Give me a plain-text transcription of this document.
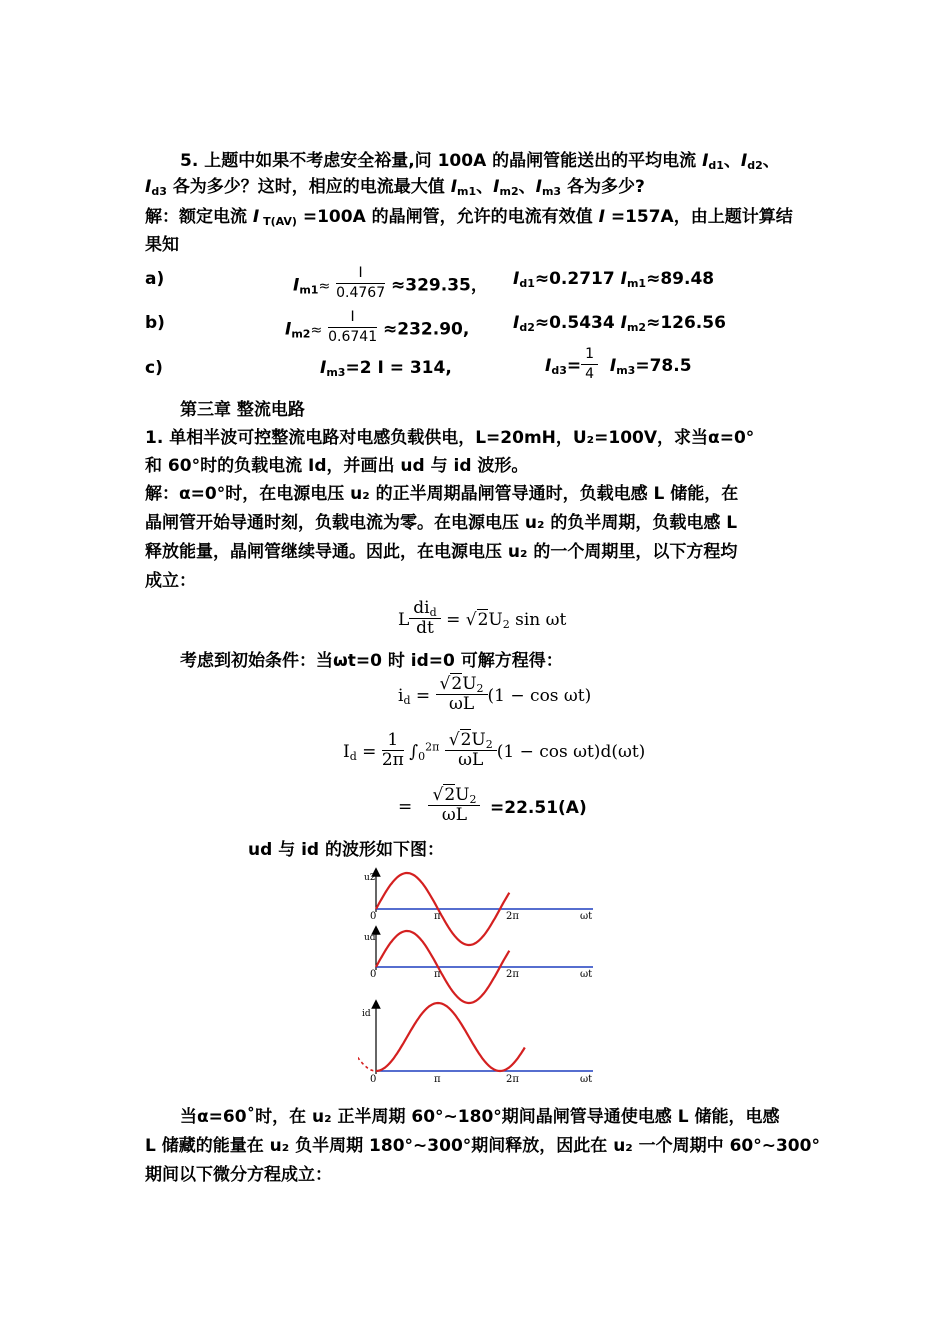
5. 上题中如果不考虑安全裕量,问 100A 的晶闸管能送出的平均电流 $I_{d1}$、$I_{d2}$、
$I_{d3}$ 各为多少？这时，相应的电流最大值 $I_{m1}$、$I_{m2}$、$I_{m3}$ 各为多少?
解：额定电流 I $_{T(AV)}$ =100A 的晶闸管，允许的电流有效值 I =157A，由上题计算结
果知
a)	$I_{m1}\approx \frac{I}{0.4767} \approx 329.35$， $I_{d1}\approx 0.2717$ $I_{m1}\approx 89.48$
b)	$I_{m2}\approx \frac{I}{0.6741} \approx 232.90$,	$I_{d2}\approx 0.5434$ $I_{m2}\approx 126.56$
c)	$I_{m3}=2$ I = 314,	$I_{d3}= \frac{1}{4} I_{m3}=78.5$
第三章 整流电路
1. 单相半波可控整流电路对电感负载供电，L=20mH，U₂=100V，求当α=0°
和 60°时的负载电流 Id，并画出 ud 与 id 波形。
解：α=0°时，在电源电压 u₂ 的正半周期晶闸管导通时，负载电感 L 储能，在
晶闸管开始导通时刻，负载电流为零。在电源电压 u₂ 的负半周期，负载电感 L
释放能量，晶闸管继续导通。因此，在电源电压 u₂ 的一个周期里，以下方程均
成立：
L $\frac{di_d}{dt} = √2U_2$ sin ωt
考虑到初始条件：当ωt=0 时 id=0 可解方程得：
$i_d = \frac{√2U_2}{\omega L} (1 - \cos \omega t)$
$I_d = \frac{1}{2\pi} \int_0^{2\pi} \frac{√2U_2}{\omega L} (1 - \cos \omega t)d(\omega t)$
= $\frac{√2U_2}{\omega L} =22.51(A)$
ud 与 id 的波形如下图：
u2
0	π	2π	ωt
ud
0	π	2π	ωt
id
0	π	2π	ωt
当α=60˚时，在 u₂ 正半周期 60°~180°期间晶闸管导通使电感 L 储能，电感
L 储藏的能量在 u₂ 负半周期 180°~300°期间释放，因此在 u₂ 一个周期中 60°~300°
期间以下微分方程成立：
